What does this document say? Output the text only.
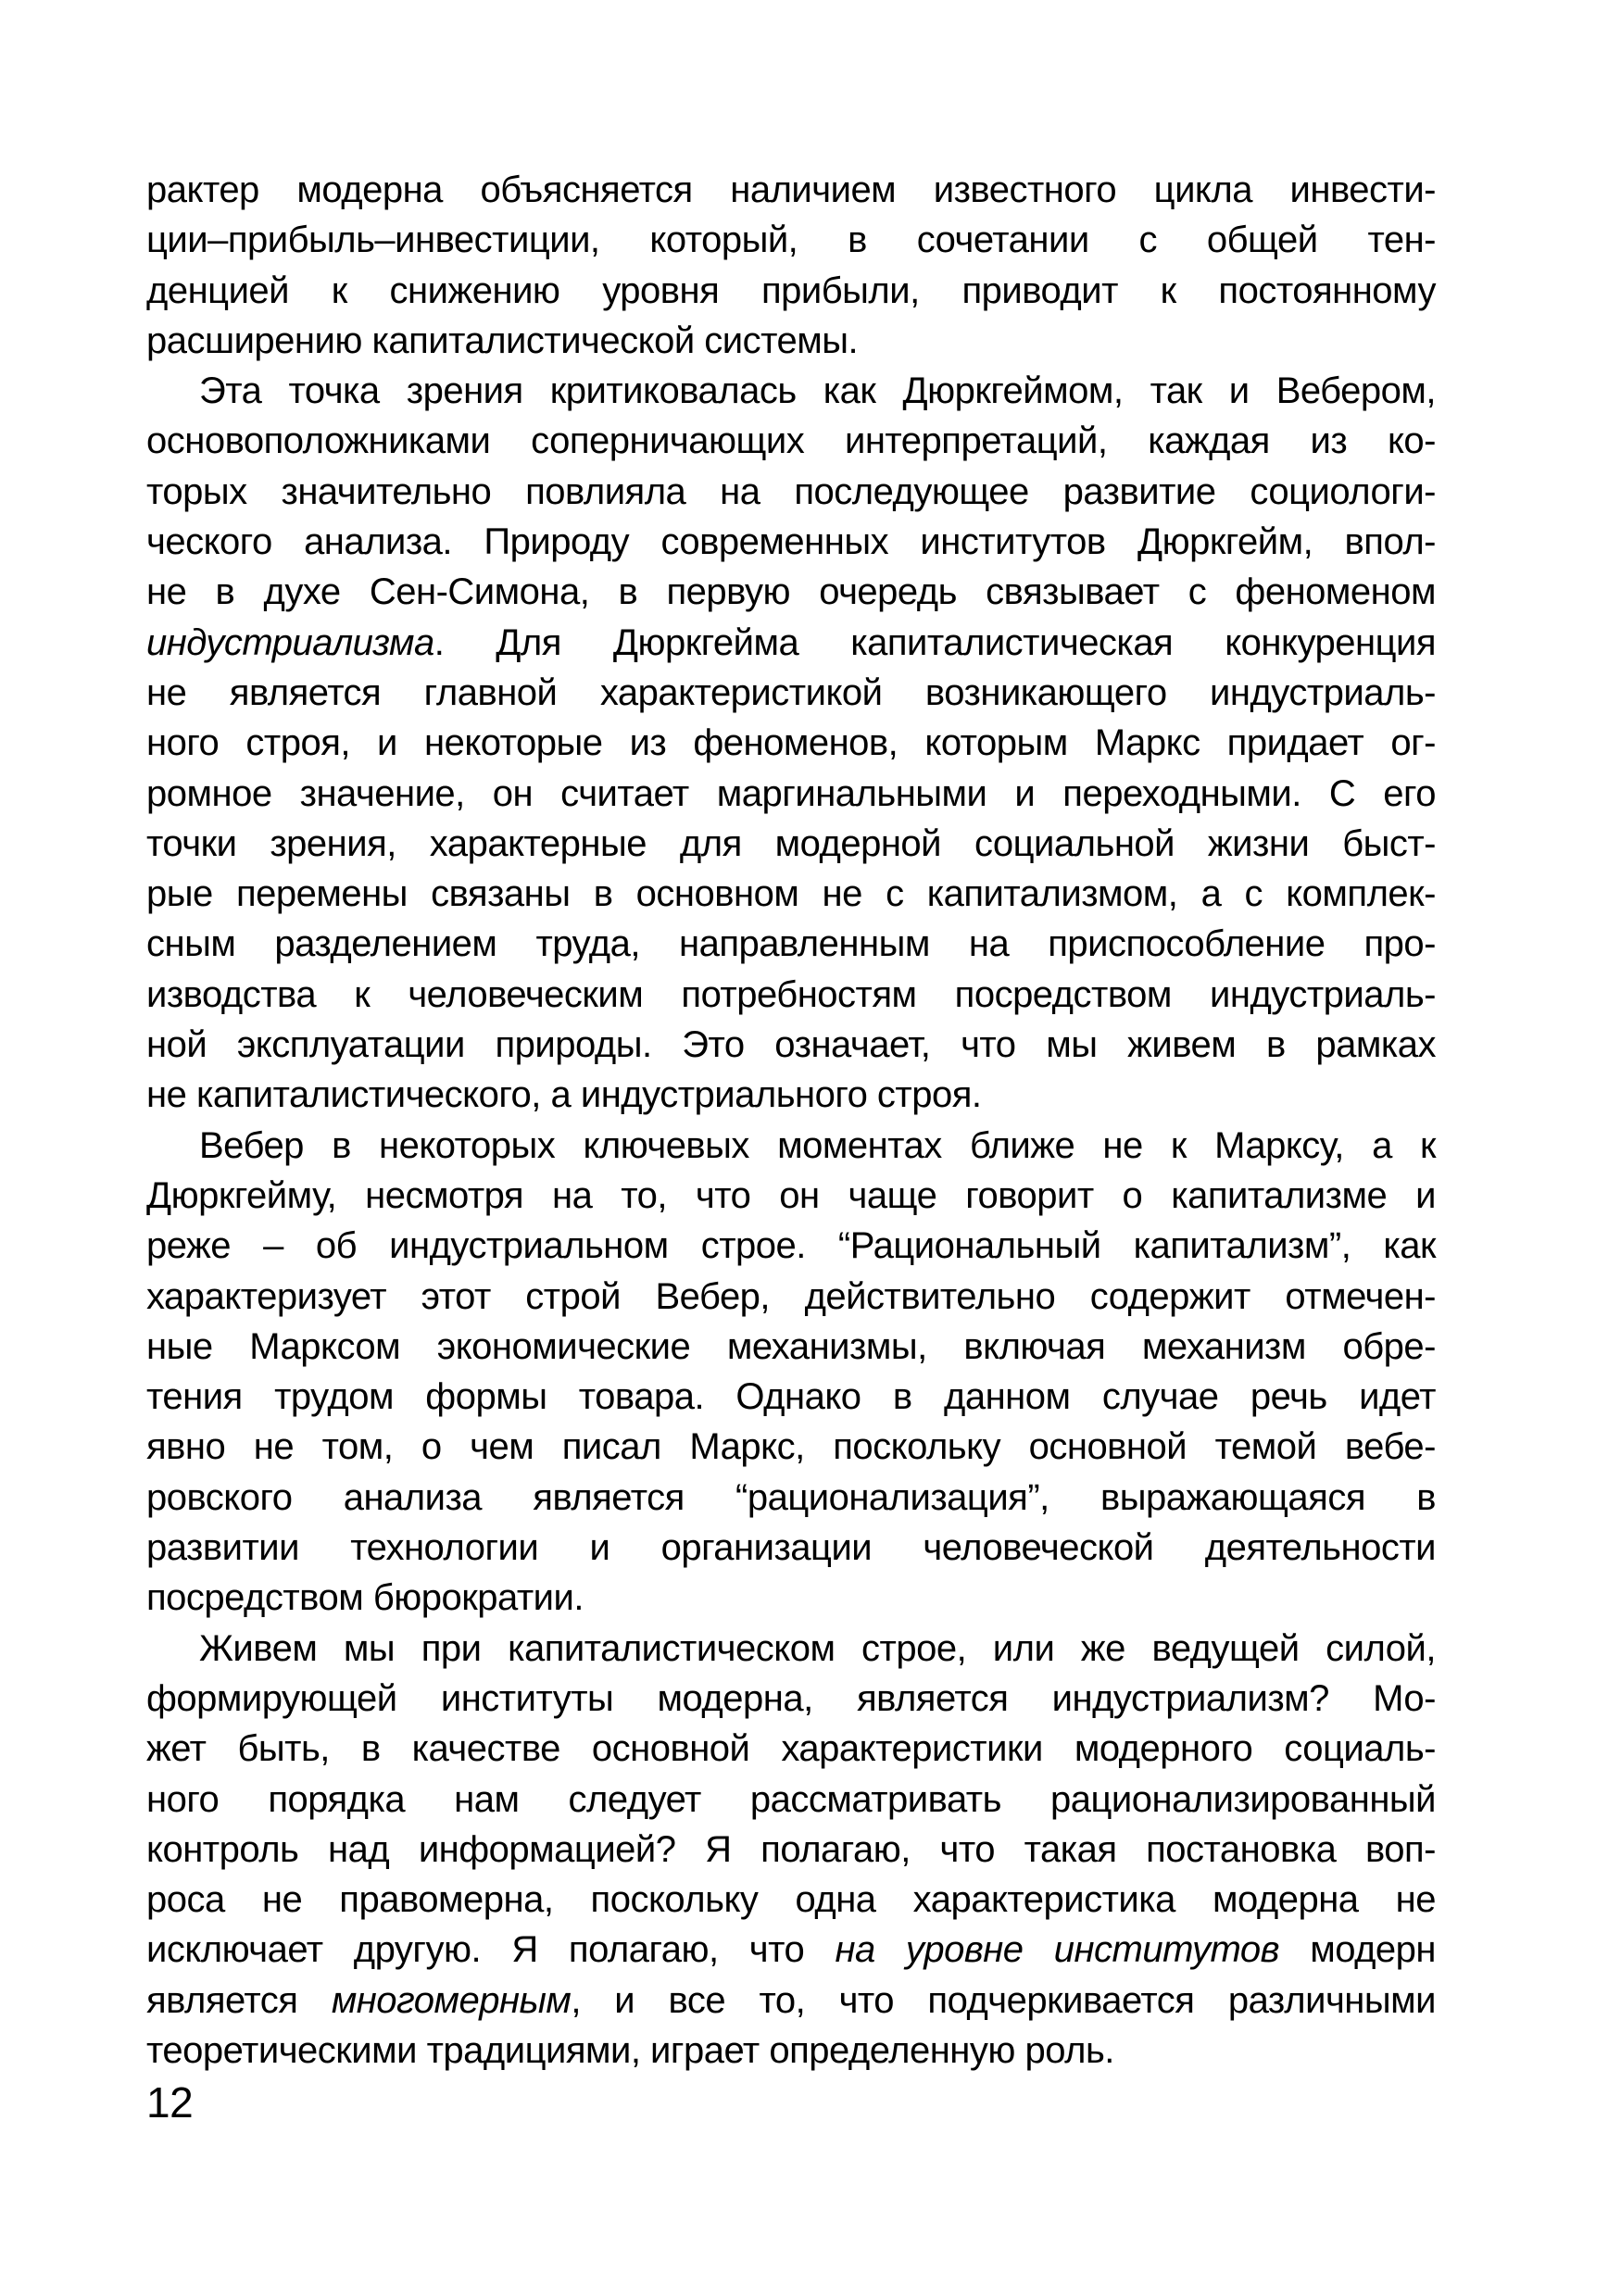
рактер модерна объясняется наличием известного цикла инвести-
ции–прибыль–инвестиции, который, в сочетании с общей тен-
денцией к снижению уровня прибыли, приводит к постоянному
расширению капиталистической системы.
Эта точка зрения критиковалась как Дюркгеймом, так и Вебером,
основоположниками соперничающих интерпретаций, каждая из ко-
торых значительно повлияла на последующее развитие социологи-
ческого анализа. Природу современных институтов Дюркгейм, впол-
не в духе Сен-Симона, в первую очередь связывает с феноменом
индустриализма. Для Дюркгейма капиталистическая конкуренция
не является главной характеристикой возникающего индустриаль-
ного строя, и некоторые из феноменов, которым Маркс придает ог-
ромное значение, он считает маргинальными и переходными. С его
точки зрения, характерные для модерной социальной жизни быст-
рые перемены связаны в основном не с капитализмом, а с комплек-
сным разделением труда, направленным на приспособление про-
изводства к человеческим потребностям посредством индустриаль-
ной эксплуатации природы. Это означает, что мы живем в рамках
не капиталистического, а индустриального строя.
Вебер в некоторых ключевых моментах ближе не к Марксу, а к
Дюркгейму, несмотря на то, что он чаще говорит о капитализме и
реже – об индустриальном строе. “Рациональный капитализм”, как
характеризует этот строй Вебер, действительно содержит отмечен-
ные Марксом экономические механизмы, включая механизм обре-
тения трудом формы товара. Однако в данном случае речь идет
явно не том, о чем писал Маркс, поскольку основной темой вебе-
ровского анализа является “рационализация”, выражающаяся в
развитии технологии и организации человеческой деятельности
посредством бюрократии.
Живем мы при капиталистическом строе, или же ведущей силой,
формирующей институты модерна, является индустриализм? Мо-
жет быть, в качестве основной характеристики модерного социаль-
ного порядка нам следует рассматривать рационализированный
контроль над информацией? Я полагаю, что такая постановка воп-
роса не правомерна, поскольку одна характеристика модерна не
исключает другую. Я полагаю, что на уровне институтов модерн
является многомерным, и все то, что подчеркивается различными
теоретическими традициями, играет определенную роль.
12
